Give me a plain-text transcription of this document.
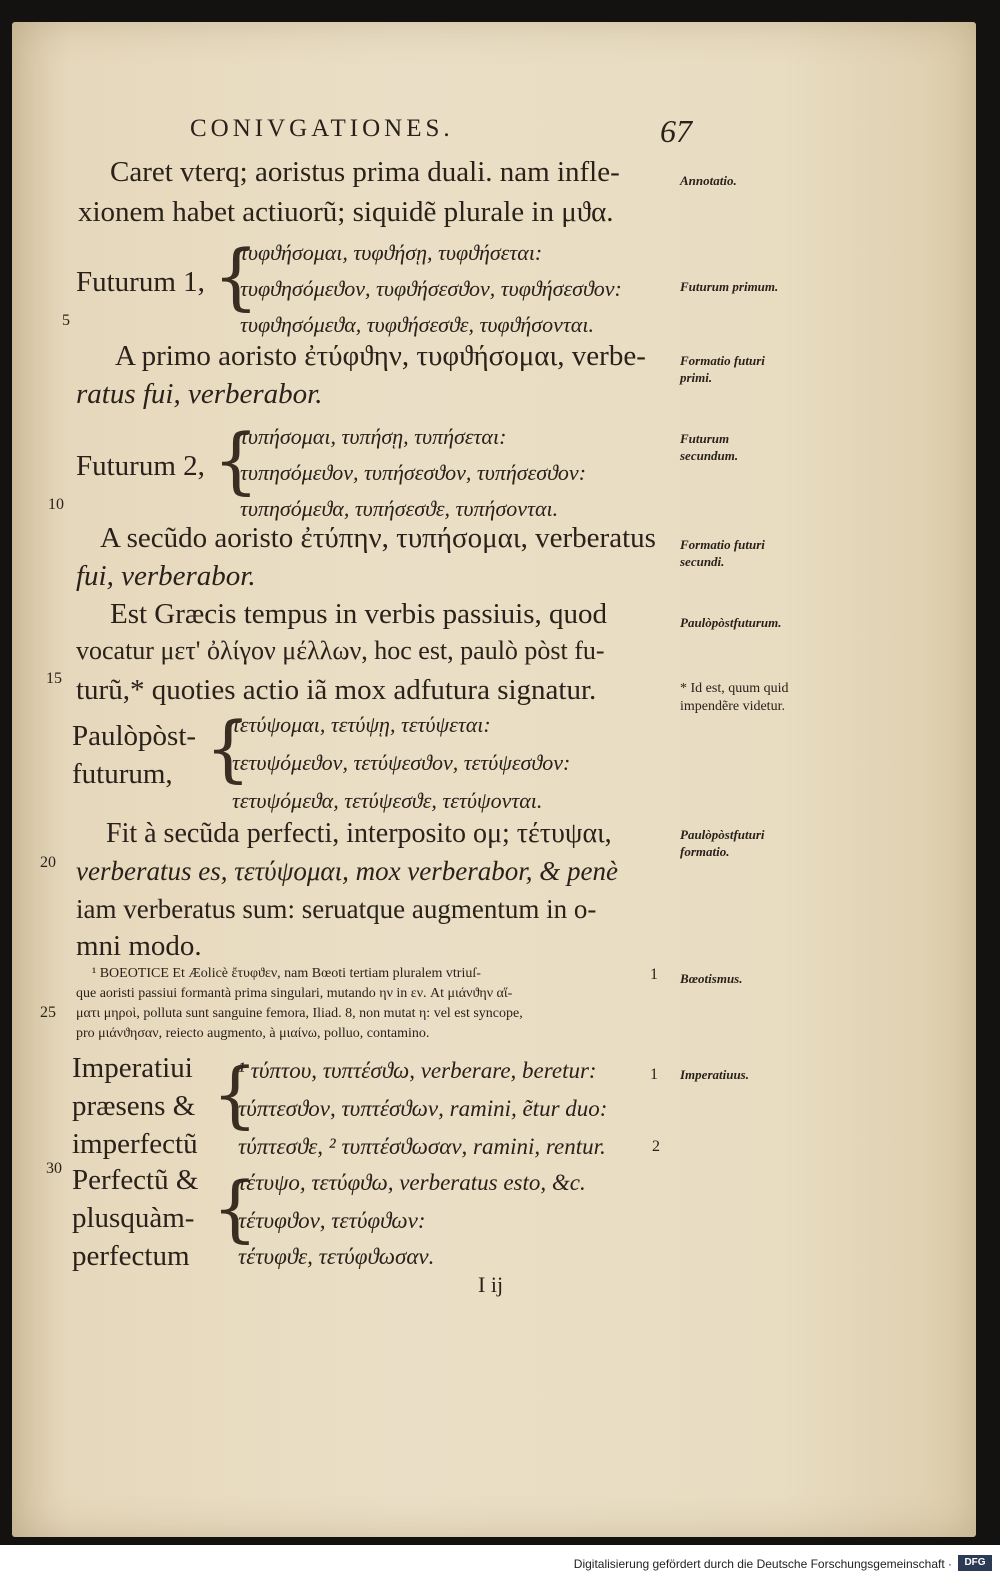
CONIVGATIONES.	67
Caret vterq; aoristus prima duali. nam infle-
xionem habet actiuorũ; siquidẽ plurale in μϑα.
Futurum 1, {
τυφϑήσομαι, τυφϑήσῃ, τυφϑήσεται:
τυφϑησόμεϑον, τυφϑήσεσϑον, τυφϑήσεσϑον:
τυφϑησόμεϑα, τυφϑήσεσϑε, τυφϑήσονται.
A primo aoristo ἐτύφϑην, τυφϑήσομαι, verbe-
ratus fui, verberabor.
Futurum 2, {
τυπήσομαι, τυπήσῃ, τυπήσεται:
τυπησόμεϑον, τυπήσεσϑον, τυπήσεσϑον:
τυπησόμεϑα, τυπήσεσϑε, τυπήσονται.
A secũdo aoristo ἐτύπην, τυπήσομαι, verberatus
fui, verberabor.
Est Græcis tempus in verbis passiuis, quod
vocatur μετ' ὀλίγον μέλλων, hoc est, paulò pòst fu-
turũ,* quoties actio iã mox adfutura signatur.
Paulòpòst-
futurum, {
τετύψομαι, τετύψῃ, τετύψεται:
τετυψόμεϑον, τετύψεσϑον, τετύψεσϑον:
τετυψόμεϑα, τετύψεσϑε, τετύψονται.
Fit à secũda perfecti, interposito ομ; τέτυψαι,
verberatus es, τετύψομαι, mox verberabor, & penè
iam verberatus sum: seruatque augmentum in o-
mni modo.
¹ BOEOTICE Et Æolicè ἔτυφϑεν, nam Bœoti tertiam pluralem vtriuſ-
que aoristi passiui formantà prima singulari, mutando ην in εν. At μιάνϑην αἵ-
ματι μηροὶ, polluta sunt sanguine femora, Iliad. 8, non mutat η: vel est syncope,
pro μιάνϑησαν, reiecto augmento, à μιαίνω, polluo, contamino.
Imperatiui
præsens &
imperfectũ
{
¹ τύπτου, τυπτέσϑω, verberare, beretur:
τύπτεσϑον, τυπτέσϑων, ramini, ẽtur duo:
τύπτεσϑε, ² τυπτέσϑωσαν, ramini, rentur.
Perfectũ &
plusquàm-
perfectum
{
τέτυψο, τετύφϑω, verberatus esto, &c.
τέτυφϑον, τετύφϑων:
τέτυφϑε, τετύφϑωσαν.
I ij
5
10
15
20
25
30
1
1
2
Annotatio.
Futurum primum.
Formatio futuri primi.
Futurum secundum.
Formatio futuri secundi.
Paulòpòstfuturum.
* Id est, quum quid impendẽre videtur.
Paulòpòstfuturi formatio.
Bœotismus.
Imperatiuus.
Digitalisierung gefördert durch die Deutsche Forschungsgemeinschaft ·	DFG
